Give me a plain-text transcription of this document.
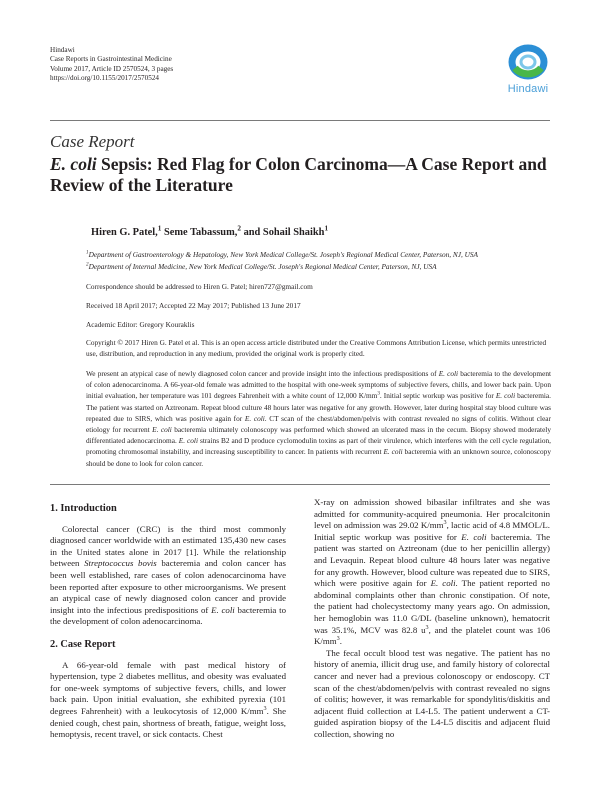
Hindawi
Case Reports in Gastrointestinal Medicine
Volume 2017, Article ID 2570524, 3 pages
https://doi.org/10.1155/2017/2570524
Hindawi
Case Report
E. coli Sepsis: Red Flag for Colon Carcinoma—A Case Report and Review of the Literature
Hiren G. Patel,$^1$ Seme Tabassum,$^2$ and Sohail Shaikh$^1$
$^1$Department of Gastroenterology & Hepatology, New York Medical College/St. Joseph's Regional Medical Center, Paterson, NJ, USA
$^2$Department of Internal Medicine, New York Medical College/St. Joseph's Regional Medical Center, Paterson, NJ, USA
Correspondence should be addressed to Hiren G. Patel; hiren727@gmail.com
Received 18 April 2017; Accepted 22 May 2017; Published 13 June 2017
Academic Editor: Gregory Kouraklis
Copyright © 2017 Hiren G. Patel et al. This is an open access article distributed under the Creative Commons Attribution License, which permits unrestricted use, distribution, and reproduction in any medium, provided the original work is properly cited.
We present an atypical case of newly diagnosed colon cancer and provide insight into the infectious predispositions of E. coli bacteremia to the development of colon adenocarcinoma. A 66-year-old female was admitted to the hospital with one-week symptoms of subjective fevers, chills, and lower back pain. Upon initial evaluation, her temperature was 101 degrees Fahrenheit with a white count of 12,000 $K/mm^3$. Initial septic workup was positive for E. coli bacteremia. The patient was started on Aztreonam. Repeat blood culture 48 hours later was negative for any growth. However, later during hospital stay blood culture was repeated due to SIRS, which was positive again for E. coli. CT scan of the chest/abdomen/pelvis with contrast revealed no signs of colitis. Without clear etiology for recurrent E. coli bacteremia ultimately colonoscopy was performed which showed an ulcerated mass in the cecum. Biopsy showed moderately differentiated adenocarcinoma. E. coli strains B2 and D produce cyclomodulin toxins as part of their virulence, which interferes with the cell cycle regulation, promoting chromosomal instability, and increasing susceptibility to cancer. In patients with recurrent E. coli bacteremia with an unknown source, colonoscopy should be done to look for colon cancer.
1. Introduction

Colorectal cancer (CRC) is the third most commonly diagnosed cancer worldwide with an estimated 135,430 new cases in the United states alone in 2017 [1]. While the relationship between Streptococcus bovis bacteremia and colon cancer has been well established, rare cases of colon adenocarcinoma have been reported after exposure to other microorganisms. We present an atypical case of newly diagnosed colon cancer and provide insight into the infectious predispositions of E. coli bacteremia to the development of colon adenocarcinoma.

2. Case Report

A 66-year-old female with past medical history of hypertension, type 2 diabetes mellitus, and obesity was evaluated for one-week symptoms of subjective fevers, chills, and lower back pain. Upon initial evaluation, she exhibited pyrexia (101 degrees Fahrenheit) with a leukocytosis of 12,000 $K/mm^3$. She denied cough, chest pain, shortness of breath, fatigue, weight loss, hemoptysis, recent travel, or sick contacts. Chest

X-ray on admission showed bibasilar infiltrates and she was admitted for community-acquired pneumonia. Her procalcitonin level on admission was 29.02 $K/mm^3$, lactic acid of 4.8 MMOL/L. Initial septic workup was positive for E. coli bacteremia. The patient was started on Aztreonam (due to her penicillin allergy) and Levaquin. Repeat blood culture 48 hours later was negative for any growth. However, blood culture was repeated due to SIRS, which were positive again for E. coli. The patient reported no abdominal complaints other than chronic constipation. Of note, the patient had cholecystectomy many years ago. On admission, her hemoglobin was 11.0 G/DL (baseline unknown), hematocrit was 35.1%, MCV was 82.8 $u^3$, and the platelet count was 106 $K/mm^3$.

The fecal occult blood test was negative. The patient has no history of anemia, illicit drug use, and family history of colorectal cancer and never had a previous colonoscopy or endoscopy. CT scan of the chest/abdomen/pelvis with contrast revealed no signs of colitis; however, it was remarkable for spondylitis/diskitis and adjacent fluid collection at L4-L5. The patient underwent a CT-guided aspiration biopsy of the L4-L5 discitis and adjacent fluid collection, showing no
